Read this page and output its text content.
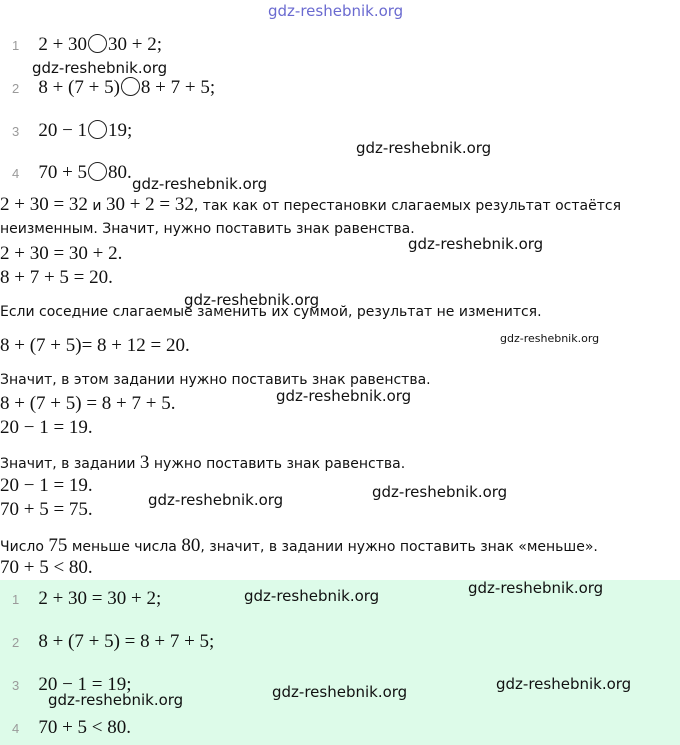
gdz-reshebnik.org
1 2 + 30 30 + 2;
2 8 + (7 + 5) 8 + 7 + 5;
3 20 − 1 19;
4 70 + 5 80.
2 + 30 = 32 и 30 + 2 = 32, так как от перестановки слагаемых результат остаётся
неизменным. Значит, нужно поставить знак равенства.
2 + 30 = 30 + 2.
8 + 7 + 5 = 20.
Если соседние слагаемые заменить их суммой, результат не изменится.
8 + (7 + 5)= 8 + 12 = 20.
Значит, в этом задании нужно поставить знак равенства.
8 + (7 + 5) = 8 + 7 + 5.
20 − 1 = 19.
Значит, в задании 3 нужно поставить знак равенства.
20 − 1 = 19.
70 + 5 = 75.
Число 75 меньше числа 80, значит, в задании нужно поставить знак «меньше».
70 + 5 < 80.
1 2 + 30 = 30 + 2;
2 8 + (7 + 5) = 8 + 7 + 5;
3 20 − 1 = 19;
4 70 + 5 < 80.
gdz-reshebnik.org
gdz-reshebnik.org
gdz-reshebnik.org
gdz-reshebnik.org
gdz-reshebnik.org
gdz-reshebnik.org
gdz-reshebnik.org
gdz-reshebnik.org
gdz-reshebnik.org
gdz-reshebnik.org
gdz-reshebnik.org
gdz-reshebnik.org
gdz-reshebnik.org
gdz-reshebnik.org
